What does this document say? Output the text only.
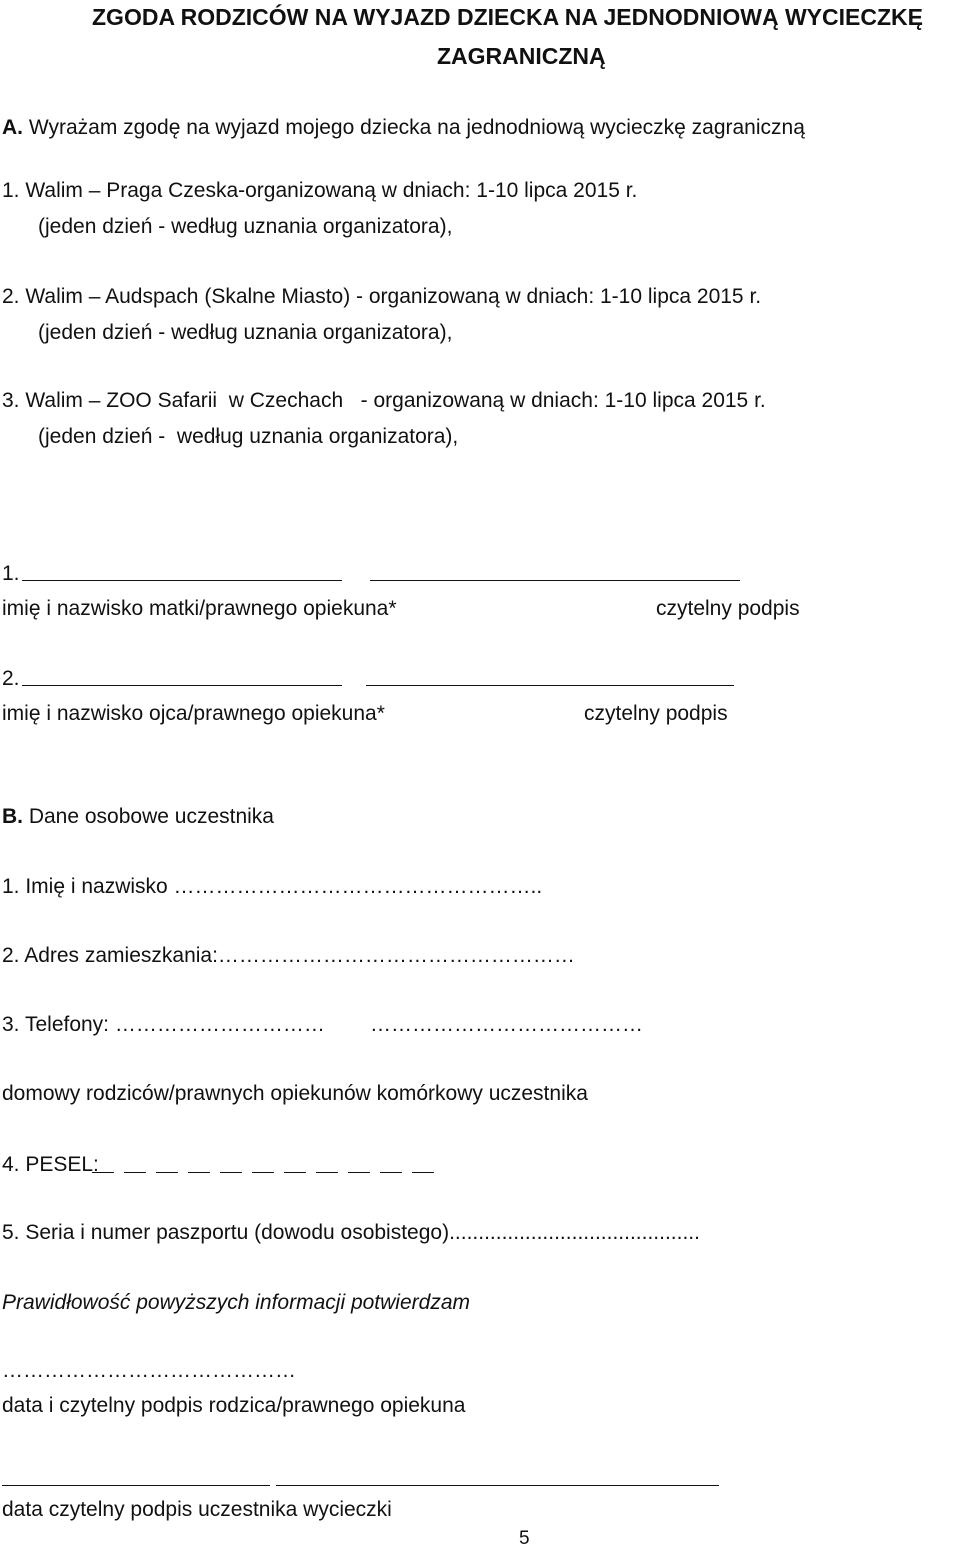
ZGODA RODZICÓW NA WYJAZD DZIECKA NA JEDNODNIOWĄ WYCIECZKĘ
ZAGRANICZNĄ
A. Wyrażam zgodę na wyjazd mojego dziecka na jednodniową wycieczkę zagraniczną
1. Walim – Praga Czeska-organizowaną w dniach: 1-10 lipca 2015 r.
(jeden dzień - według uznania organizatora),
2. Walim – Audspach (Skalne Miasto) - organizowaną w dniach: 1-10 lipca 2015 r.
(jeden dzień - według uznania organizatora),
3. Walim – ZOO Safarii  w Czechach   - organizowaną w dniach: 1-10 lipca 2015 r.
(jeden dzień -  według uznania organizatora),
1.
imię i nazwisko matki/prawnego opiekuna*	czytelny podpis
2.
imię i nazwisko ojca/prawnego opiekuna*	czytelny podpis
B. Dane osobowe uczestnika
1. Imię i nazwisko ……………………………………………..
2. Adres zamieszkania:……………………………………………
3. Telefony: ………………………… …………………………………
domowy rodziców/prawnych opiekunów komórkowy uczestnika
4. PESEL:
5. Seria i numer paszportu (dowodu osobistego)...........................................
Prawidłowość powyższych informacji potwierdzam
……………………………………
data i czytelny podpis rodzica/prawnego opiekuna
data czytelny podpis uczestnika wycieczki
5
